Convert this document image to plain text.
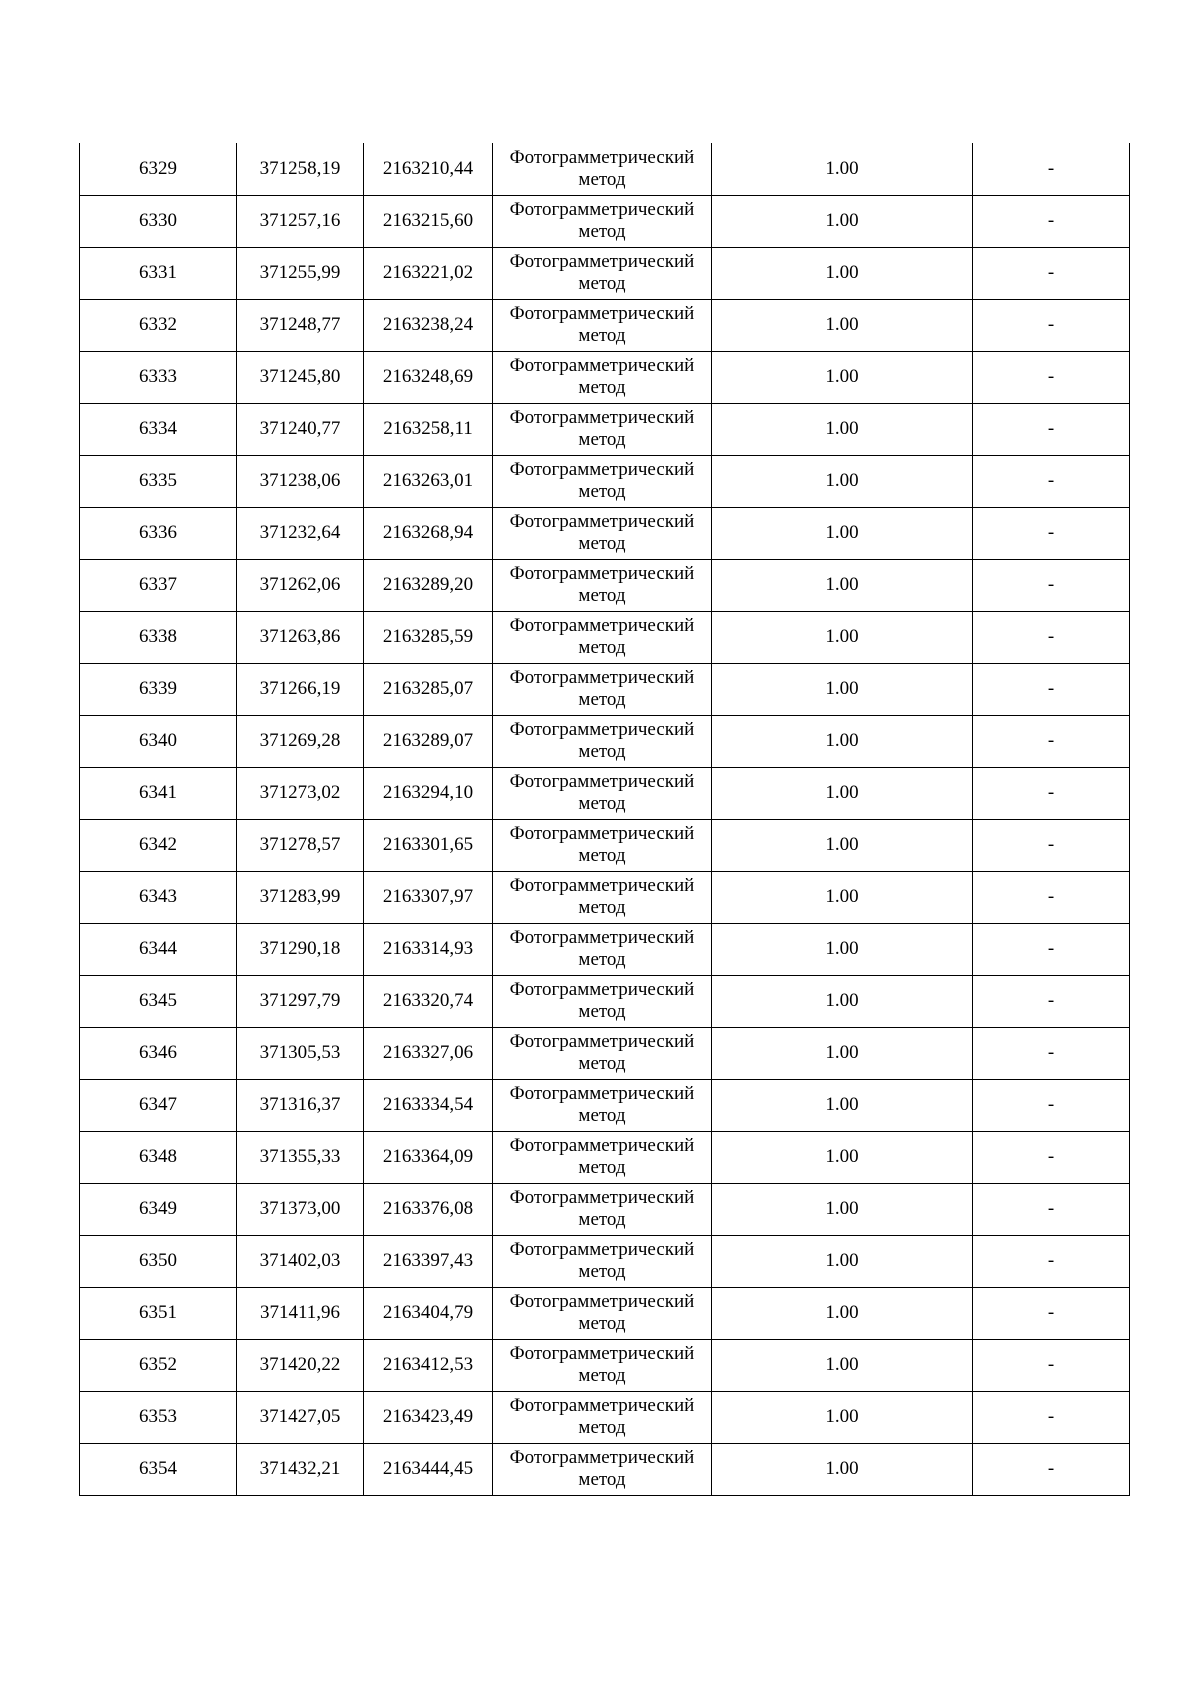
6329	371258,19	2163210,44	Фотограмметрический метод	1.00	-
6330	371257,16	2163215,60	Фотограмметрический метод	1.00	-
6331	371255,99	2163221,02	Фотограмметрический метод	1.00	-
6332	371248,77	2163238,24	Фотограмметрический метод	1.00	-
6333	371245,80	2163248,69	Фотограмметрический метод	1.00	-
6334	371240,77	2163258,11	Фотограмметрический метод	1.00	-
6335	371238,06	2163263,01	Фотограмметрический метод	1.00	-
6336	371232,64	2163268,94	Фотограмметрический метод	1.00	-
6337	371262,06	2163289,20	Фотограмметрический метод	1.00	-
6338	371263,86	2163285,59	Фотограмметрический метод	1.00	-
6339	371266,19	2163285,07	Фотограмметрический метод	1.00	-
6340	371269,28	2163289,07	Фотограмметрический метод	1.00	-
6341	371273,02	2163294,10	Фотограмметрический метод	1.00	-
6342	371278,57	2163301,65	Фотограмметрический метод	1.00	-
6343	371283,99	2163307,97	Фотограмметрический метод	1.00	-
6344	371290,18	2163314,93	Фотограмметрический метод	1.00	-
6345	371297,79	2163320,74	Фотограмметрический метод	1.00	-
6346	371305,53	2163327,06	Фотограмметрический метод	1.00	-
6347	371316,37	2163334,54	Фотограмметрический метод	1.00	-
6348	371355,33	2163364,09	Фотограмметрический метод	1.00	-
6349	371373,00	2163376,08	Фотограмметрический метод	1.00	-
6350	371402,03	2163397,43	Фотограмметрический метод	1.00	-
6351	371411,96	2163404,79	Фотограмметрический метод	1.00	-
6352	371420,22	2163412,53	Фотограмметрический метод	1.00	-
6353	371427,05	2163423,49	Фотограмметрический метод	1.00	-
6354	371432,21	2163444,45	Фотограмметрический метод	1.00	-
